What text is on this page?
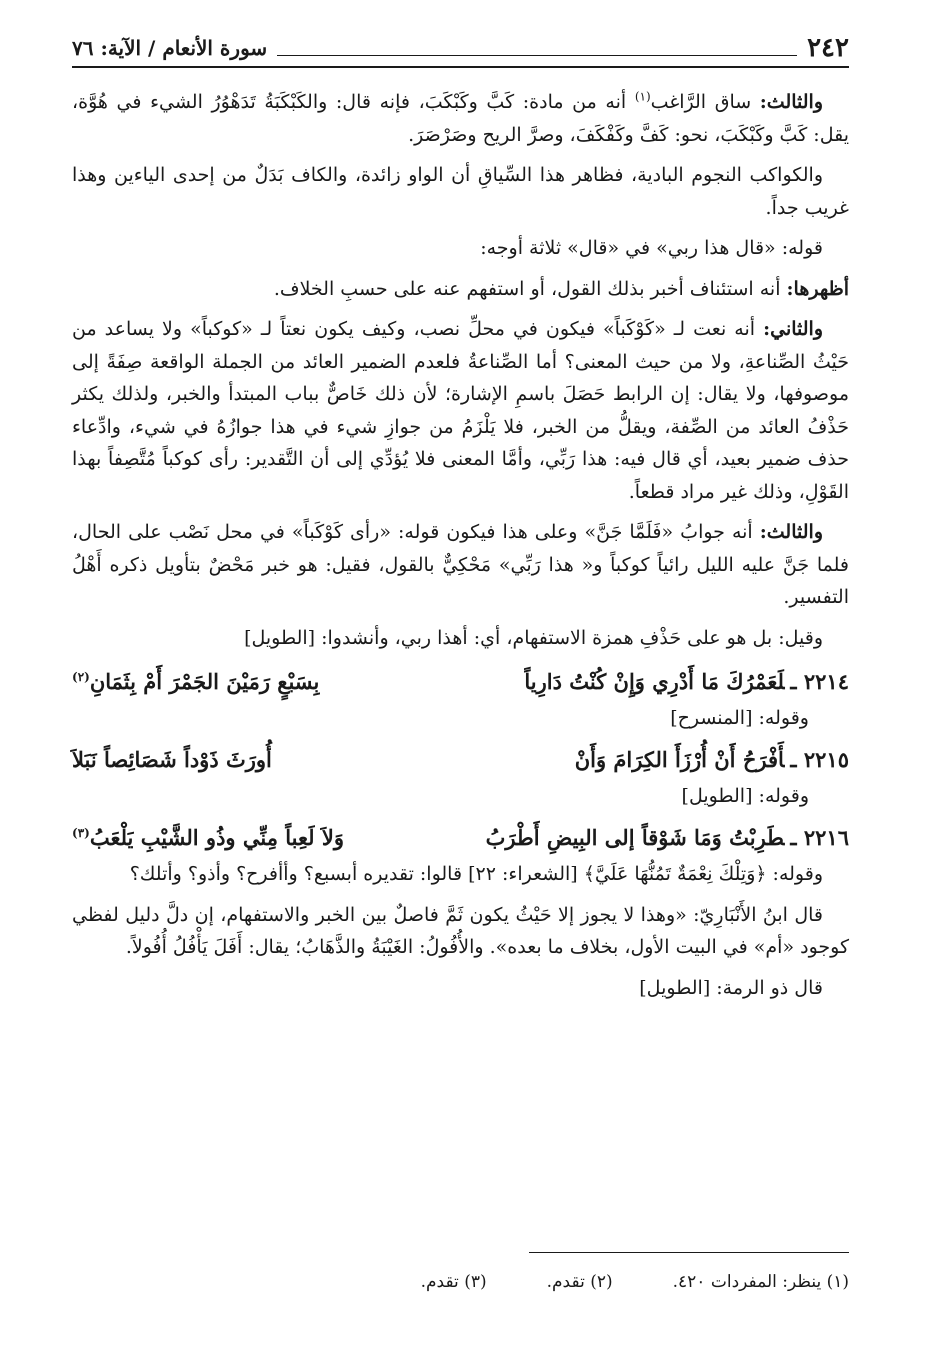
٢٤٢
سورة الأنعام / الآية: ٧٦

والثالث: ساق الرَّاغب$^{(١)}$ أنه من مادة: كَبَّ وكَبْكَبَ، فإنه قال: والكَبْكَبَةُ تَدَهْوُرُ الشيء في هُوَّة، يقل: كَبَّ وكَبْكَبَ، نحو: كَفَّ وكَفْكَفَ، وصرَّ الريح وصَرْصَرَ.

والكواكب النجوم البادية، فظاهر هذا السِّياقِ أن الواو زائدة، والكاف بَدَلٌ من إحدى الياءين وهذا غريب جداً.

قوله: «قال هذا ربي» في «قال» ثلاثة أوجه:

أظهرها: أنه استئناف أخبر بذلك القول، أو استفهم عنه على حسبِ الخلاف.

والثاني: أنه نعت لـ «كَوْكَباً» فيكون في محلِّ نصب، وكيف يكون نعتاً لـ «كوكباً» ولا يساعد من حَيْثُ الصِّناعةِ، ولا من حيث المعنى؟ أما الصِّناعةُ فلعدم الضمير العائد من الجملة الواقعة صِفَةً إلى موصوفها، ولا يقال: إن الرابط حَصَلَ باسمِ الإشارة؛ لأن ذلك خَاصٌّ بباب المبتدأ والخبر، ولذلك يكثر حَذْفُ العائد من الصِّفة، ويقلُّ من الخبر، فلا يَلْزَمُ من جوازِ شيء في هذا جوازُهُ في شيء، وادِّعاء حذف ضمير بعيد، أي قال فيه: هذا رَبِّي، وأمَّا المعنى فلا يُؤدِّي إلى أن التَّقدير: رأى كوكباً مُتَّصِفاً بهذا القَوْلِ، وذلك غير مراد قطعاً.

والثالث: أنه جوابُ «فَلَمَّا جَنَّ» وعلى هذا فيكون قوله: «رأى كَوْكَباً» في محل نَصْب على الحال، فلما جَنَّ عليه الليل رائياً كوكباً و« هذا رَبِّي» مَحْكِيٌّ بالقول، فقيل: هو خبر مَحْضٌ بتأويل ذكره أَهْلُ التفسير.

وقيل: بل هو على حَذْفِ همزة الاستفهام، أي: أهذا ربي، وأنشدوا: [الطويل]

٢٢١٤ ـلَعَمْرُكَ مَا أَدْرِي وَإِنْ كُنْتُ دَارِياً
بِسَبْعٍ رَمَيْنَ الجَمْرَ أَمْ بِثَمَانِ$^{(٢)}$
وقوله: [المنسرح]
٢٢١٥ ـأَفْرَحُ أَنْ أُرْزَأَ الكِرَامَ وَأَنْ
أُورَثَ ذَوْداً شَصَائِصاً نَبَلاَ
وقوله: [الطويل]
٢٢١٦ ـطَرِبْتُ وَمَا شَوْقاً إلى البِيضِ أَطْرَبُ
وَلاَ لَعِباً مِنِّي وذُو الشَّيْبِ يَلْعَبُ$^{(٣)}$

وقوله: ﴿وَتِلْكَ نِعْمَةٌ تَمُنُّهَا عَلَيَّ﴾ [الشعراء: ٢٢] قالوا: تقديره أبسبع؟ وأأفرح؟ وأذو؟ وأتلك؟

قال ابنُ الأَنْبَارِيّ: «وهذا لا يجوز إلا حَيْثُ يكون ثَمَّ فاصلٌ بين الخبر والاستفهام، إن دلَّ دليل لفظي كوجود «أم» في البيت الأول، بخلاف ما بعده». والأُفُولُ: الغَيْبَةُ والذَّهَابُ؛ يقال: أَفَلَ يَأْفُلُ أُفُولاً.

قال ذو الرمة: [الطويل]

(١) ينظر: المفردات ٤٢٠.
(٢) تقدم.
(٣) تقدم.
